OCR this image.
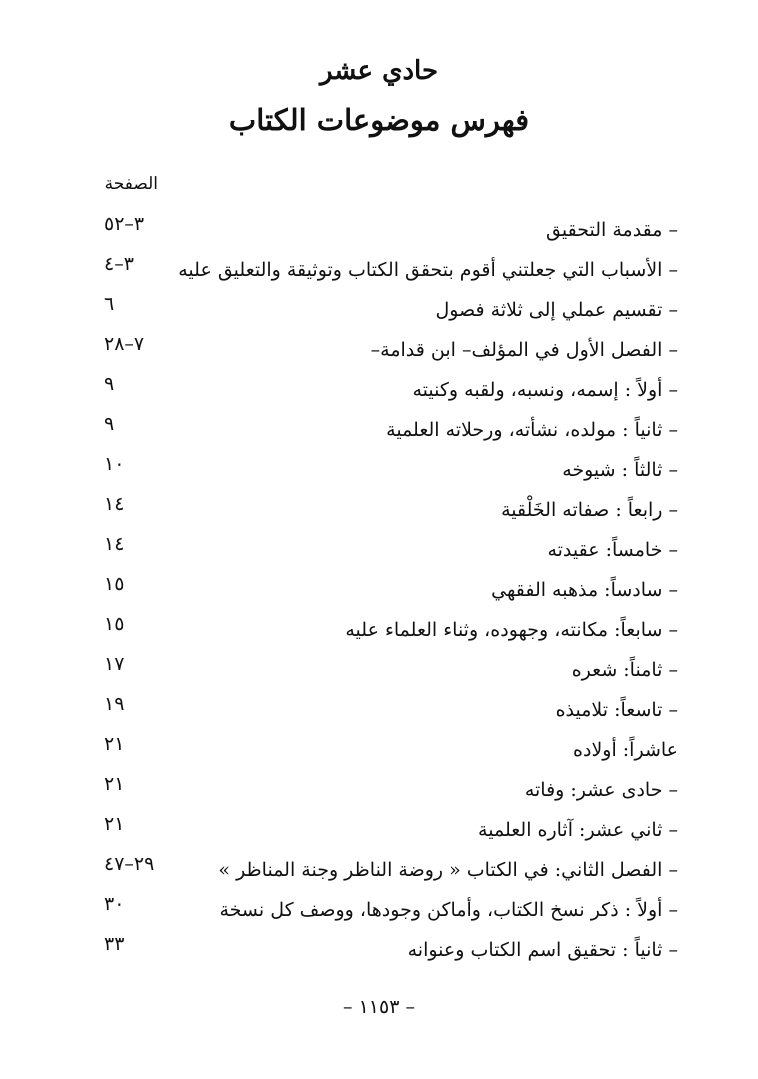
حادي عشر
فهرس موضوعات الكتاب
الصفحة
– مقدمة التحقيق
٣–٥٢
– الأسباب التي جعلتني أقوم بتحقق الكتاب وتوثيقة والتعليق عليه
٣–٤
– تقسيم عملي إلى ثلاثة فصول
٦
– الفصل الأول في المؤلف– ابن قدامة–
٧–٢٨
– أولاً : إسمه، ونسبه، ولقبه وكنيته
٩
– ثانياً : مولده، نشأته، ورحلاته العلمية
٩
– ثالثاً : شيوخه
١٠
– رابعاً : صفاته الخَلْقية
١٤
– خامساً: عقيدته
١٤
– سادساً: مذهبه الفقهي
١٥
– سابعاً: مكانته، وجهوده، وثناء العلماء عليه
١٥
– ثامناً: شعره
١٧
– تاسعاً: تلاميذه
١٩
عاشراً: أولاده
٢١
– حادى عشر: وفاته
٢١
– ثاني عشر: آثاره العلمية
٢١
– الفصل الثاني: في الكتاب « روضة الناظر وجنة المناظر »
٢٩–٤٧
– أولاً : ذكر نسخ الكتاب، وأماكن وجودها، ووصف كل نسخة
٣٠
– ثانياً : تحقيق اسم الكتاب وعنوانه
٣٣
– ١١٥٣ –
